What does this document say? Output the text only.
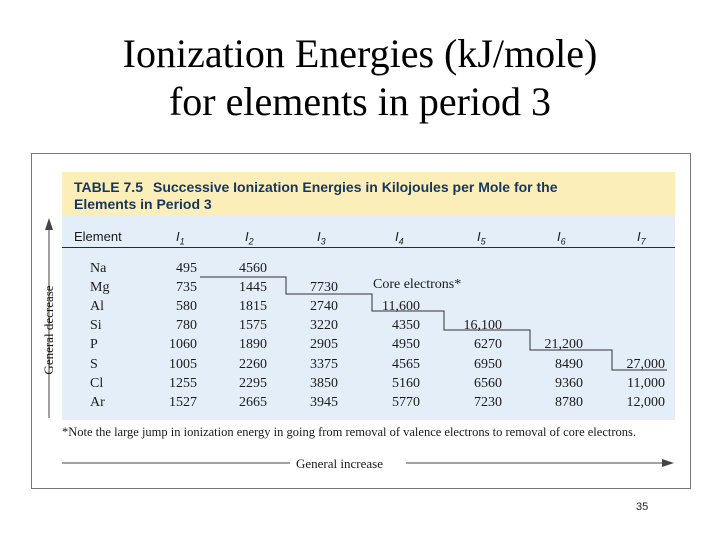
Ionization Energies (kJ/mole)
for elements in period 3
TABLE 7.5 Successive Ionization Energies in Kilojoules per Mole for the
Elements in Period 3
Element	$I_1$	$I_2$	$I_3$	$I_4$	$I_5$	$I_6$	$I_7$
Na	495	4560
Mg	735	1445	7730
Al	580	1815	2740	11,600
Si	780	1575	3220	4350	16,100
P	1060	1890	2905	4950	6270	21,200
S	1005	2260	3375	4565	6950	8490	27,000
Cl	1255	2295	3850	5160	6560	9360	11,000
Ar	1527	2665	3945	5770	7230	8780	12,000
Core electrons*
General decrease
General increase
*Note the large jump in ionization energy in going from removal of valence electrons to removal of core electrons.
35
